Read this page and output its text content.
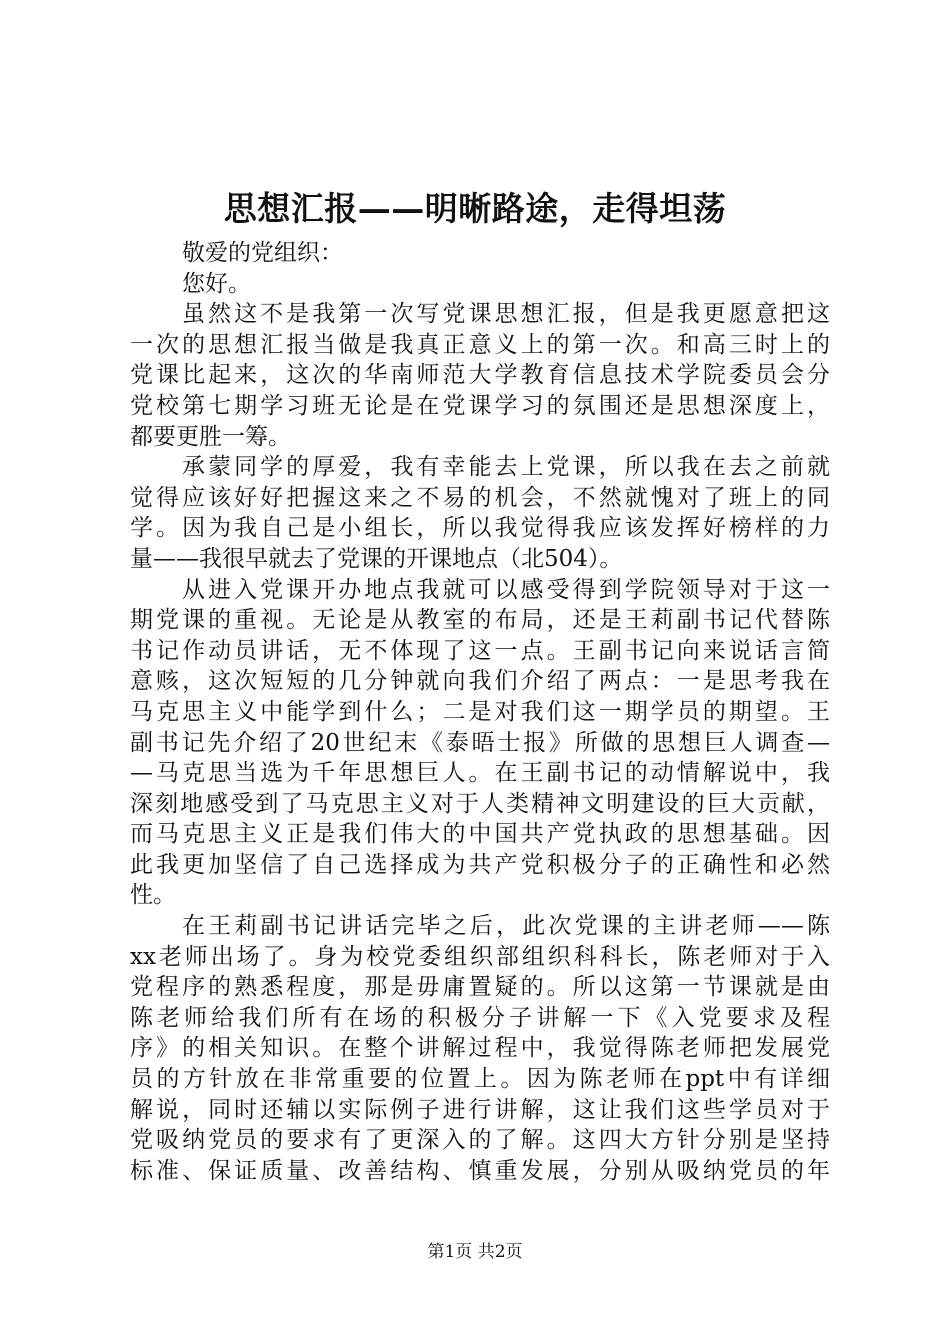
思想汇报——明晰路途，走得坦荡
敬爱的党组织：
您好。
虽然这不是我第一次写党课思想汇报，但是我更愿意把这
一次的思想汇报当做是我真正意义上的第一次。和高三时上的
党课比起来，这次的华南师范大学教育信息技术学院委员会分
党校第七期学习班无论是在党课学习的氛围还是思想深度上，
都要更胜一筹。
承蒙同学的厚爱，我有幸能去上党课，所以我在去之前就
觉得应该好好把握这来之不易的机会，不然就愧对了班上的同
学。因为我自己是小组长，所以我觉得我应该发挥好榜样的力
量——我很早就去了党课的开课地点（北504）。
从进入党课开办地点我就可以感受得到学院领导对于这一
期党课的重视。无论是从教室的布局，还是王莉副书记代替陈
书记作动员讲话，无不体现了这一点。王副书记向来说话言简
意赅，这次短短的几分钟就向我们介绍了两点：一是思考我在
马克思主义中能学到什么；二是对我们这一期学员的期望。王
副书记先介绍了20世纪末《泰晤士报》所做的思想巨人调查—
—马克思当选为千年思想巨人。在王副书记的动情解说中，我
深刻地感受到了马克思主义对于人类精神文明建设的巨大贡献，
而马克思主义正是我们伟大的中国共产党执政的思想基础。因
此我更加坚信了自己选择成为共产党积极分子的正确性和必然
性。
在王莉副书记讲话完毕之后，此次党课的主讲老师——陈
xx老师出场了。身为校党委组织部组织科科长，陈老师对于入
党程序的熟悉程度，那是毋庸置疑的。所以这第一节课就是由
陈老师给我们所有在场的积极分子讲解一下《入党要求及程
序》的相关知识。在整个讲解过程中，我觉得陈老师把发展党
员的方针放在非常重要的位置上。因为陈老师在ppt中有详细
解说，同时还辅以实际例子进行讲解，这让我们这些学员对于
党吸纳党员的要求有了更深入的了解。这四大方针分别是坚持
标准、保证质量、改善结构、慎重发展，分别从吸纳党员的年
第1页 共2页
